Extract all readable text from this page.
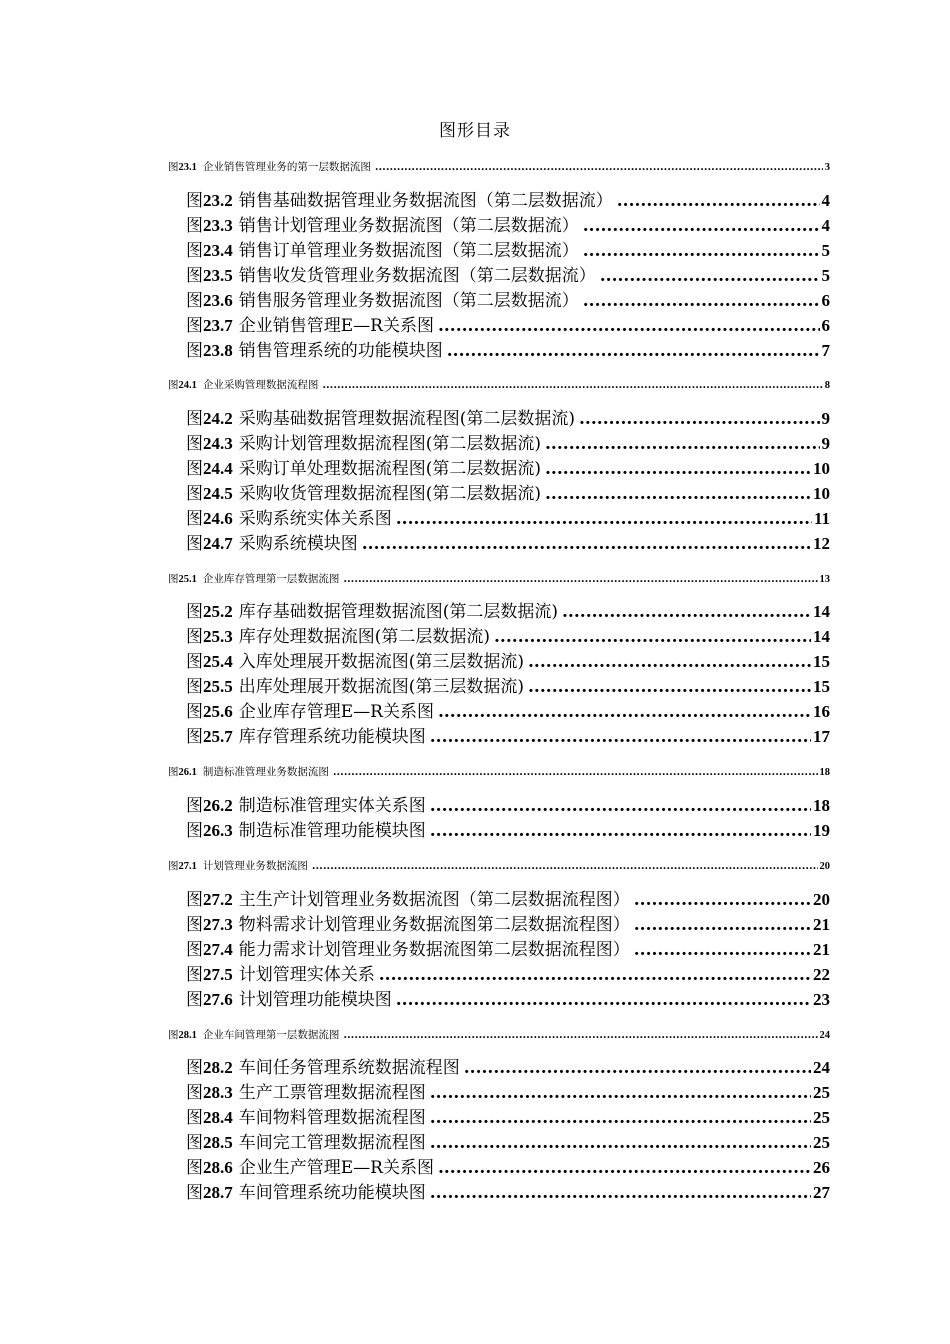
图形目录
图 23.1 企业销售管理业务的第一层数据流图 .....	3
图 23.2 销售基础数据管理业务数据流图（第二层数据流） .....	4
图 23.3 销售计划管理业务数据流图（第二层数据流） .....	4
图 23.4 销售订单管理业务数据流图（第二层数据流） .....	5
图 23.5 销售收发货管理业务数据流图（第二层数据流） .....	5
图 23.6 销售服务管理业务数据流图（第二层数据流） .....	6
图 23.7 企业销售管理E—R关系图 .....	6
图 23.8 销售管理系统的功能模块图 .....	7
图 24.1 企业采购管理数据流程图 .....	8
图 24.2 采购基础数据管理数据流程图(第二层数据流) .....	9
图 24.3 采购计划管理数据流程图(第二层数据流) .....	9
图 24.4 采购订单处理数据流程图(第二层数据流) .....	10
图 24.5 采购收货管理数据流程图(第二层数据流) .....	10
图 24.6 采购系统实体关系图 .....	11
图 24.7 采购系统模块图 .....	12
图 25.1 企业库存管理第一层数据流图 .....	13
图 25.2 库存基础数据管理数据流图(第二层数据流) .....	14
图 25.3 库存处理数据流图(第二层数据流) .....	14
图 25.4 入库处理展开数据流图(第三层数据流) .....	15
图 25.5 出库处理展开数据流图(第三层数据流) .....	15
图 25.6 企业库存管理E—R关系图 .....	16
图 25.7 库存管理系统功能模块图 .....	17
图 26.1 制造标准管理业务数据流图 .....	18
图 26.2 制造标准管理实体关系图 .....	18
图 26.3 制造标准管理功能模块图 .....	19
图 27.1 计划管理业务数据流图 .....	20
图 27.2 主生产计划管理业务数据流图（第二层数据流程图） .....	20
图 27.3 物料需求计划管理业务数据流图第二层数据流程图） .....	21
图 27.4 能力需求计划管理业务数据流图第二层数据流程图） .....	21
图 27.5 计划管理实体关系 .....	22
图 27.6 计划管理功能模块图 .....	23
图 28.1 企业车间管理第一层数据流图 .....	24
图 28.2 车间任务管理系统数据流程图 .....	24
图 28.3 生产工票管理数据流程图 .....	25
图 28.4 车间物料管理数据流程图 .....	25
图 28.5 车间完工管理数据流程图 .....	25
图 28.6 企业生产管理E—R关系图 .....	26
图 28.7 车间管理系统功能模块图 .....	27
